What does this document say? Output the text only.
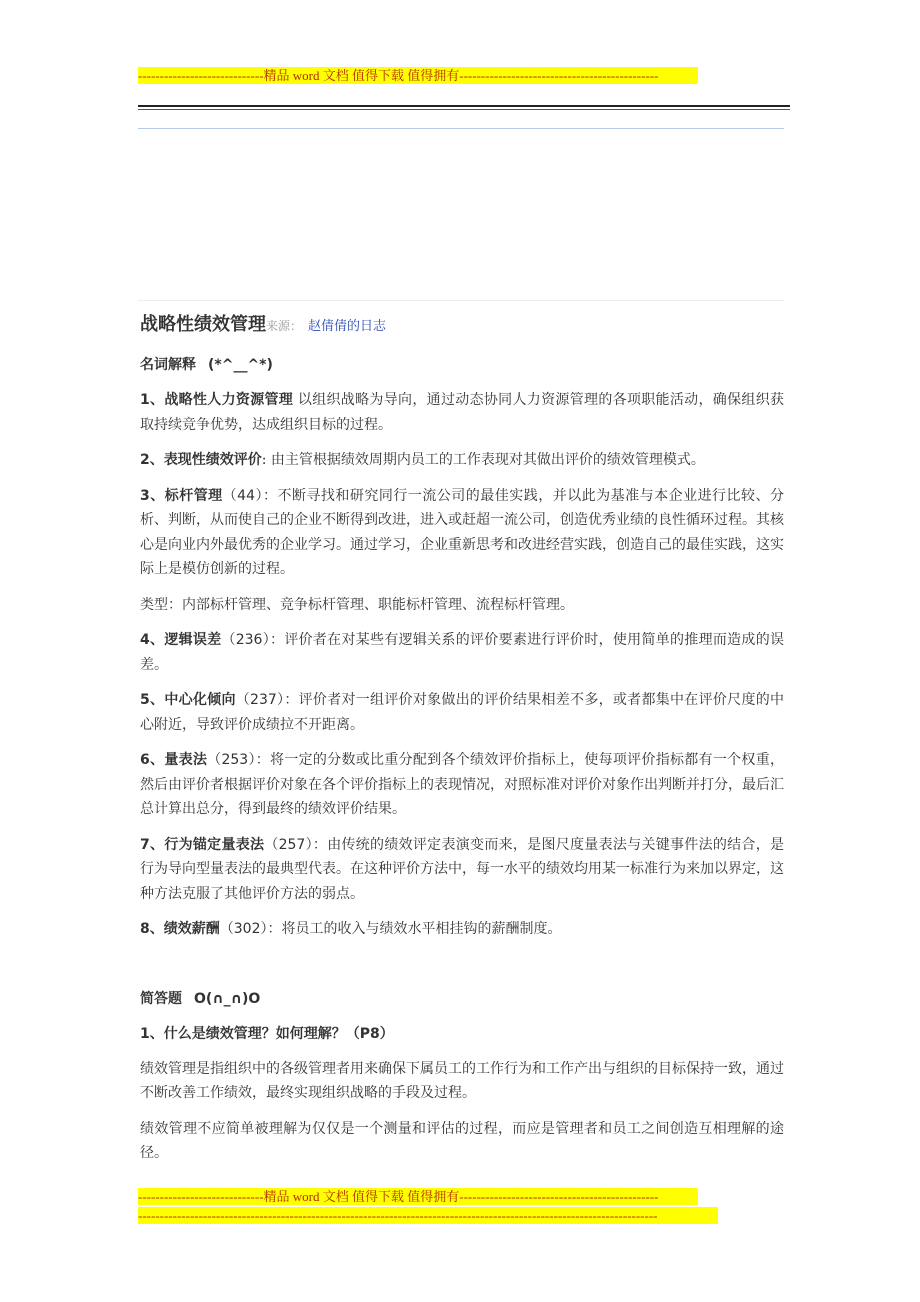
-----------------------------精品 word 文档 值得下载 值得拥有----------------------------------------------
战略性绩效管理来源： 赵倩倩的日志
名词解释 (*^__^*)

1、战略性人力资源管理 以组织战略为导向，通过动态协同人力资源管理的各项职能活动，确保组织获取持续竞争优势，达成组织目标的过程。

2、表现性绩效评价: 由主管根据绩效周期内员工的工作表现对其做出评价的绩效管理模式。

3、标杆管理（44）：不断寻找和研究同行一流公司的最佳实践，并以此为基准与本企业进行比较、分析、判断，从而使自己的企业不断得到改进，进入或赶超一流公司，创造优秀业绩的良性循环过程。其核心是向业内外最优秀的企业学习。通过学习，企业重新思考和改进经营实践，创造自己的最佳实践，这实际上是模仿创新的过程。

类型：内部标杆管理、竞争标杆管理、职能标杆管理、流程标杆管理。

4、逻辑误差（236）：评价者在对某些有逻辑关系的评价要素进行评价时，使用简单的推理而造成的误差。

5、中心化倾向（237）：评价者对一组评价对象做出的评价结果相差不多，或者都集中在评价尺度的中心附近，导致评价成绩拉不开距离。

6、量表法（253）：将一定的分数或比重分配到各个绩效评价指标上，使每项评价指标都有一个权重，然后由评价者根据评价对象在各个评价指标上的表现情况，对照标准对评价对象作出判断并打分，最后汇总计算出总分，得到最终的绩效评价结果。

7、行为锚定量表法（257）：由传统的绩效评定表演变而来，是图尺度量表法与关键事件法的结合，是行为导向型量表法的最典型代表。在这种评价方法中，每一水平的绩效均用某一标准行为来加以界定，这种方法克服了其他评价方法的弱点。

8、绩效薪酬（302）：将员工的收入与绩效水平相挂钩的薪酬制度。

简答题 O(∩_∩)O
1、什么是绩效管理？如何理解？（P8）

绩效管理是指组织中的各级管理者用来确保下属员工的工作行为和工作产出与组织的目标保持一致，通过不断改善工作绩效，最终实现组织战略的手段及过程。

绩效管理不应简单被理解为仅仅是一个测量和评估的过程，而应是管理者和员工之间创造互相理解的途径。

-----------------------------精品 word 文档 值得下载 值得拥有----------------------------------------------
------------------------------------------------------------------------------------------------------------------------
